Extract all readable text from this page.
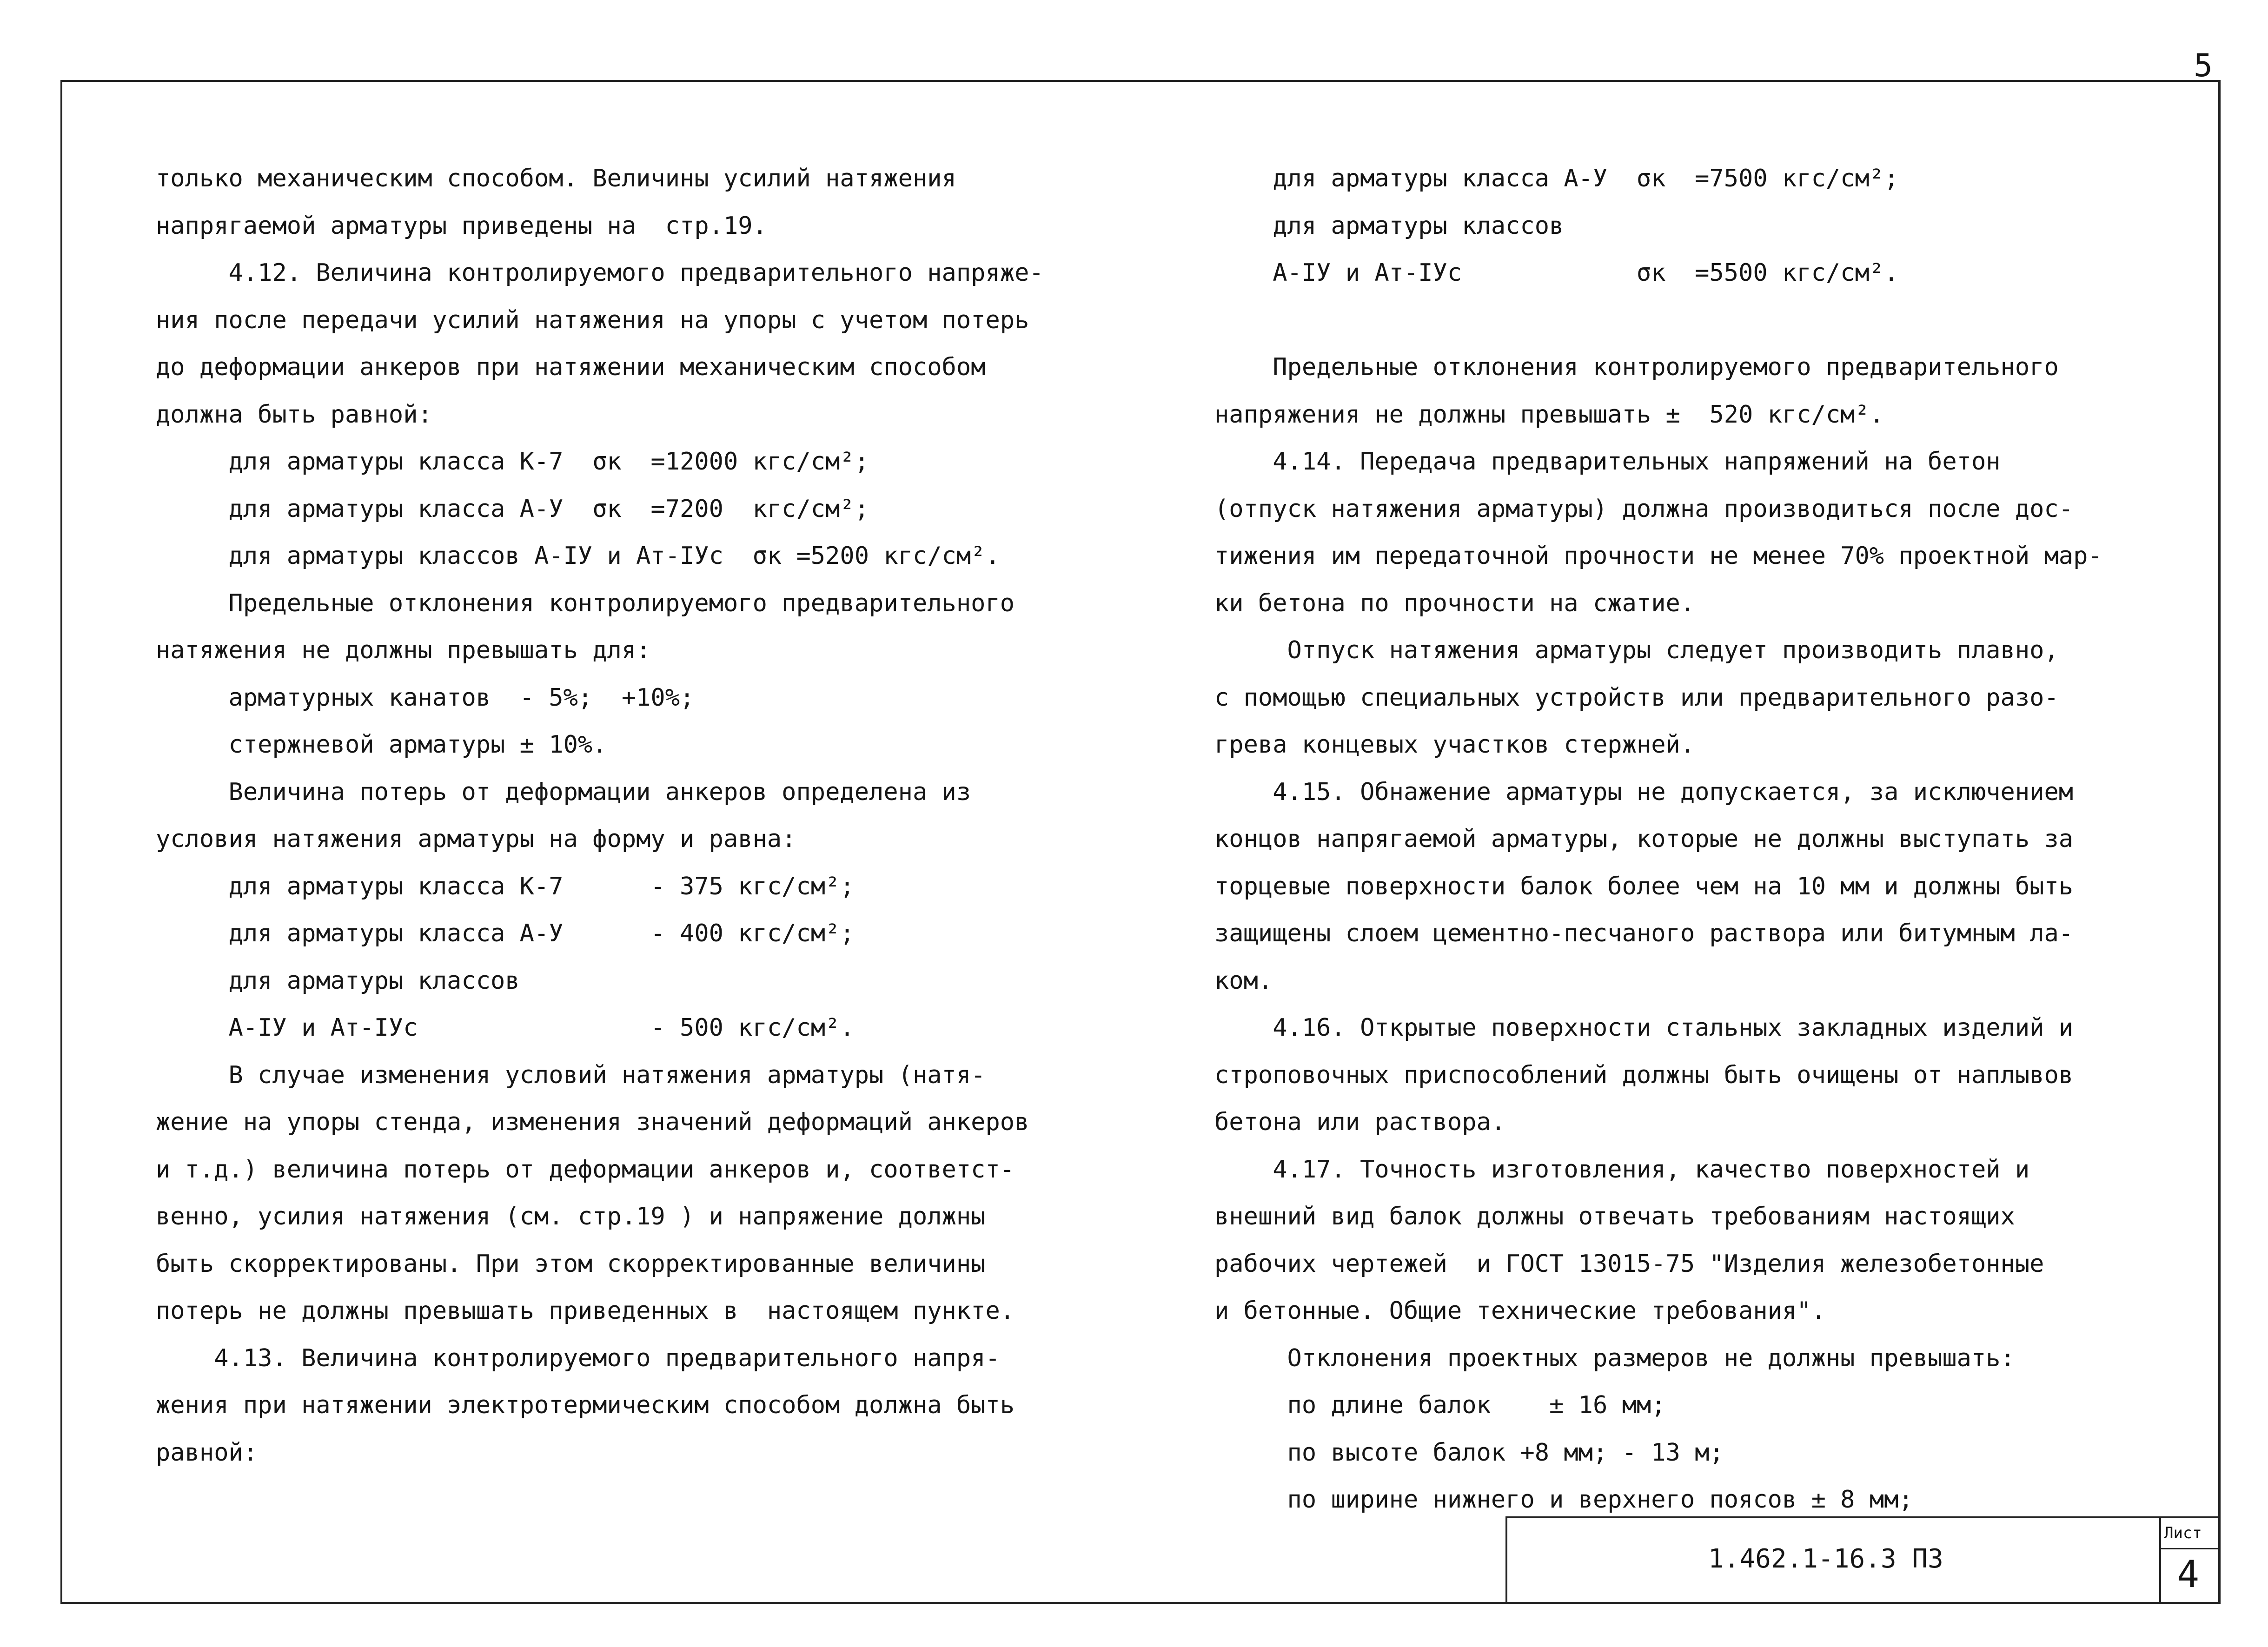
5
только механическим способом. Величины усилий натяжения
напрягаемой арматуры приведены на  стр.19.
4.12. Величина контролируемого предварительного напряже-
ния после передачи усилий натяжения на упоры с учетом потерь
до деформации анкеров при натяжении механическим способом
должна быть равной:
для арматуры класса К-7  σк  =12000 кгс/см²;
для арматуры класса А-У  σк  =7200  кгс/см²;
для арматуры классов А-IУ и Ат-IУс  σк =5200 кгс/см².
Предельные отклонения контролируемого предварительного
натяжения не должны превышать для:
арматурных канатов  - 5%;  +10%;
стержневой арматуры ± 10%.
Величина потерь от деформации анкеров определена из
условия натяжения арматуры на форму и равна:
для арматуры класса К-7      - 375 кгс/см²;
для арматуры класса А-У      - 400 кгс/см²;
для арматуры классов
А-IУ и Ат-IУс                - 500 кгс/см².
В случае изменения условий натяжения арматуры (натя-
жение на упоры стенда, изменения значений деформаций анкеров
и т.д.) величина потерь от деформации анкеров и, соответст-
венно, усилия натяжения (см. стр.19 ) и напряжение должны
быть скорректированы. При этом скорректированные величины
потерь не должны превышать приведенных в  настоящем пункте.
4.13. Величина контролируемого предварительного напря-
жения при натяжении электротермическим способом должна быть
равной:
для арматуры класса А-У  σк  =7500 кгс/см²;
для арматуры классов
А-IУ и Ат-IУс            σк  =5500 кгс/см².
Предельные отклонения контролируемого предварительного
напряжения не должны превышать ±  520 кгс/см².
4.14. Передача предварительных напряжений на бетон
(отпуск натяжения арматуры) должна производиться после дос-
тижения им передаточной прочности не менее 70% проектной мар-
ки бетона по прочности на сжатие.
Отпуск натяжения арматуры следует производить плавно,
с помощью специальных устройств или предварительного разо-
грева концевых участков стержней.
4.15. Обнажение арматуры не допускается, за исключением
концов напрягаемой арматуры, которые не должны выступать за
торцевые поверхности балок более чем на 10 мм и должны быть
защищены слоем цементно-песчаного раствора или битумным ла-
ком.
4.16. Открытые поверхности стальных закладных изделий и
строповочных приспособлений должны быть очищены от наплывов
бетона или раствора.
4.17. Точность изготовления, качество поверхностей и
внешний вид балок должны отвечать требованиям настоящих
рабочих чертежей  и ГОСТ 13015-75 "Изделия железобетонные
и бетонные. Общие технические требования".
Отклонения проектных размеров не должны превышать:
по длине балок    ± 16 мм;
по высоте балок +8 мм; - 13 м;
по ширине нижнего и верхнего поясов ± 8 мм;
1.462.1-16.3 ПЗ
Лист
4
